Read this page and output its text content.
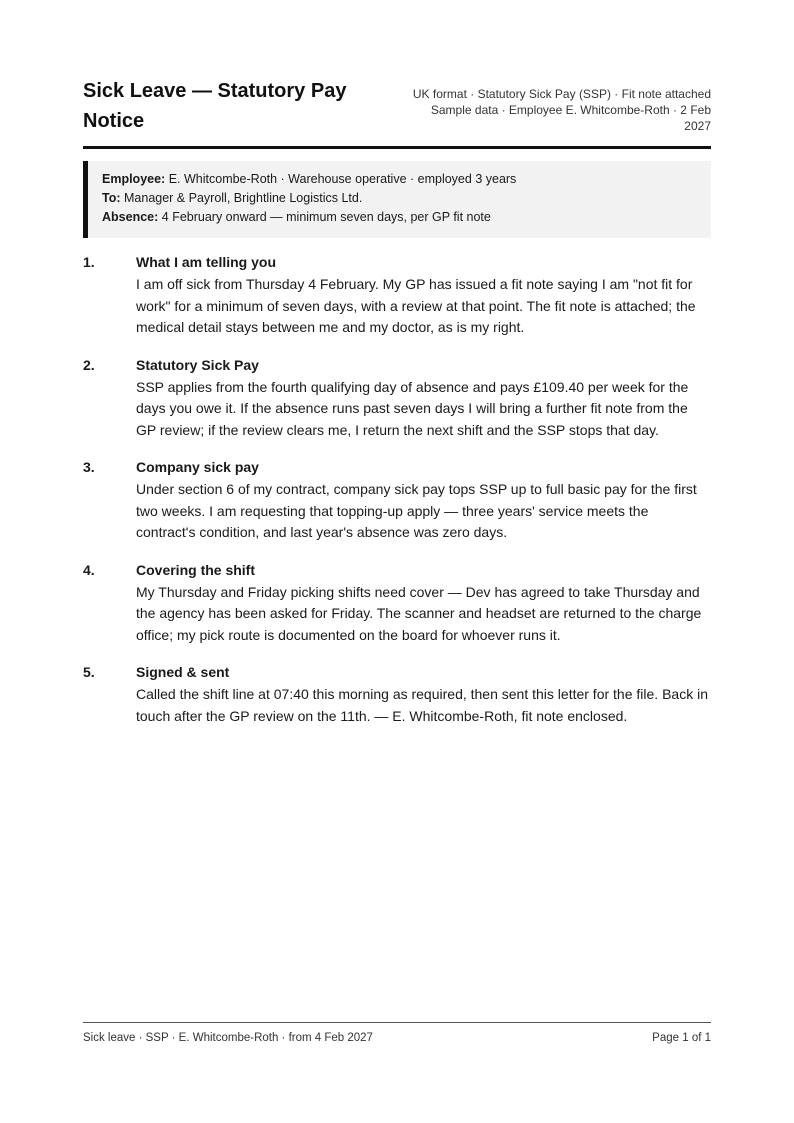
Sick Leave — Statutory Pay Notice
UK format · Statutory Sick Pay (SSP) · Fit note attached
Sample data · Employee E. Whitcombe-Roth · 2 Feb 2027
Employee: E. Whitcombe-Roth · Warehouse operative · employed 3 years
To: Manager & Payroll, Brightline Logistics Ltd.
Absence: 4 February onward — minimum seven days, per GP fit note
1.	What I am telling you
I am off sick from Thursday 4 February. My GP has issued a fit note saying I am "not fit for work" for a minimum of seven days, with a review at that point. The fit note is attached; the medical detail stays between me and my doctor, as is my right.
2.	Statutory Sick Pay
SSP applies from the fourth qualifying day of absence and pays £109.40 per week for the days you owe it. If the absence runs past seven days I will bring a further fit note from the GP review; if the review clears me, I return the next shift and the SSP stops that day.
3.	Company sick pay
Under section 6 of my contract, company sick pay tops SSP up to full basic pay for the first two weeks. I am requesting that topping-up apply — three years' service meets the contract's condition, and last year's absence was zero days.
4.	Covering the shift
My Thursday and Friday picking shifts need cover — Dev has agreed to take Thursday and the agency has been asked for Friday. The scanner and headset are returned to the charge office; my pick route is documented on the board for whoever runs it.
5.	Signed & sent
Called the shift line at 07:40 this morning as required, then sent this letter for the file. Back in touch after the GP review on the 11th. — E. Whitcombe-Roth, fit note enclosed.
Sick leave · SSP · E. Whitcombe-Roth · from 4 Feb 2027	Page 1 of 1
